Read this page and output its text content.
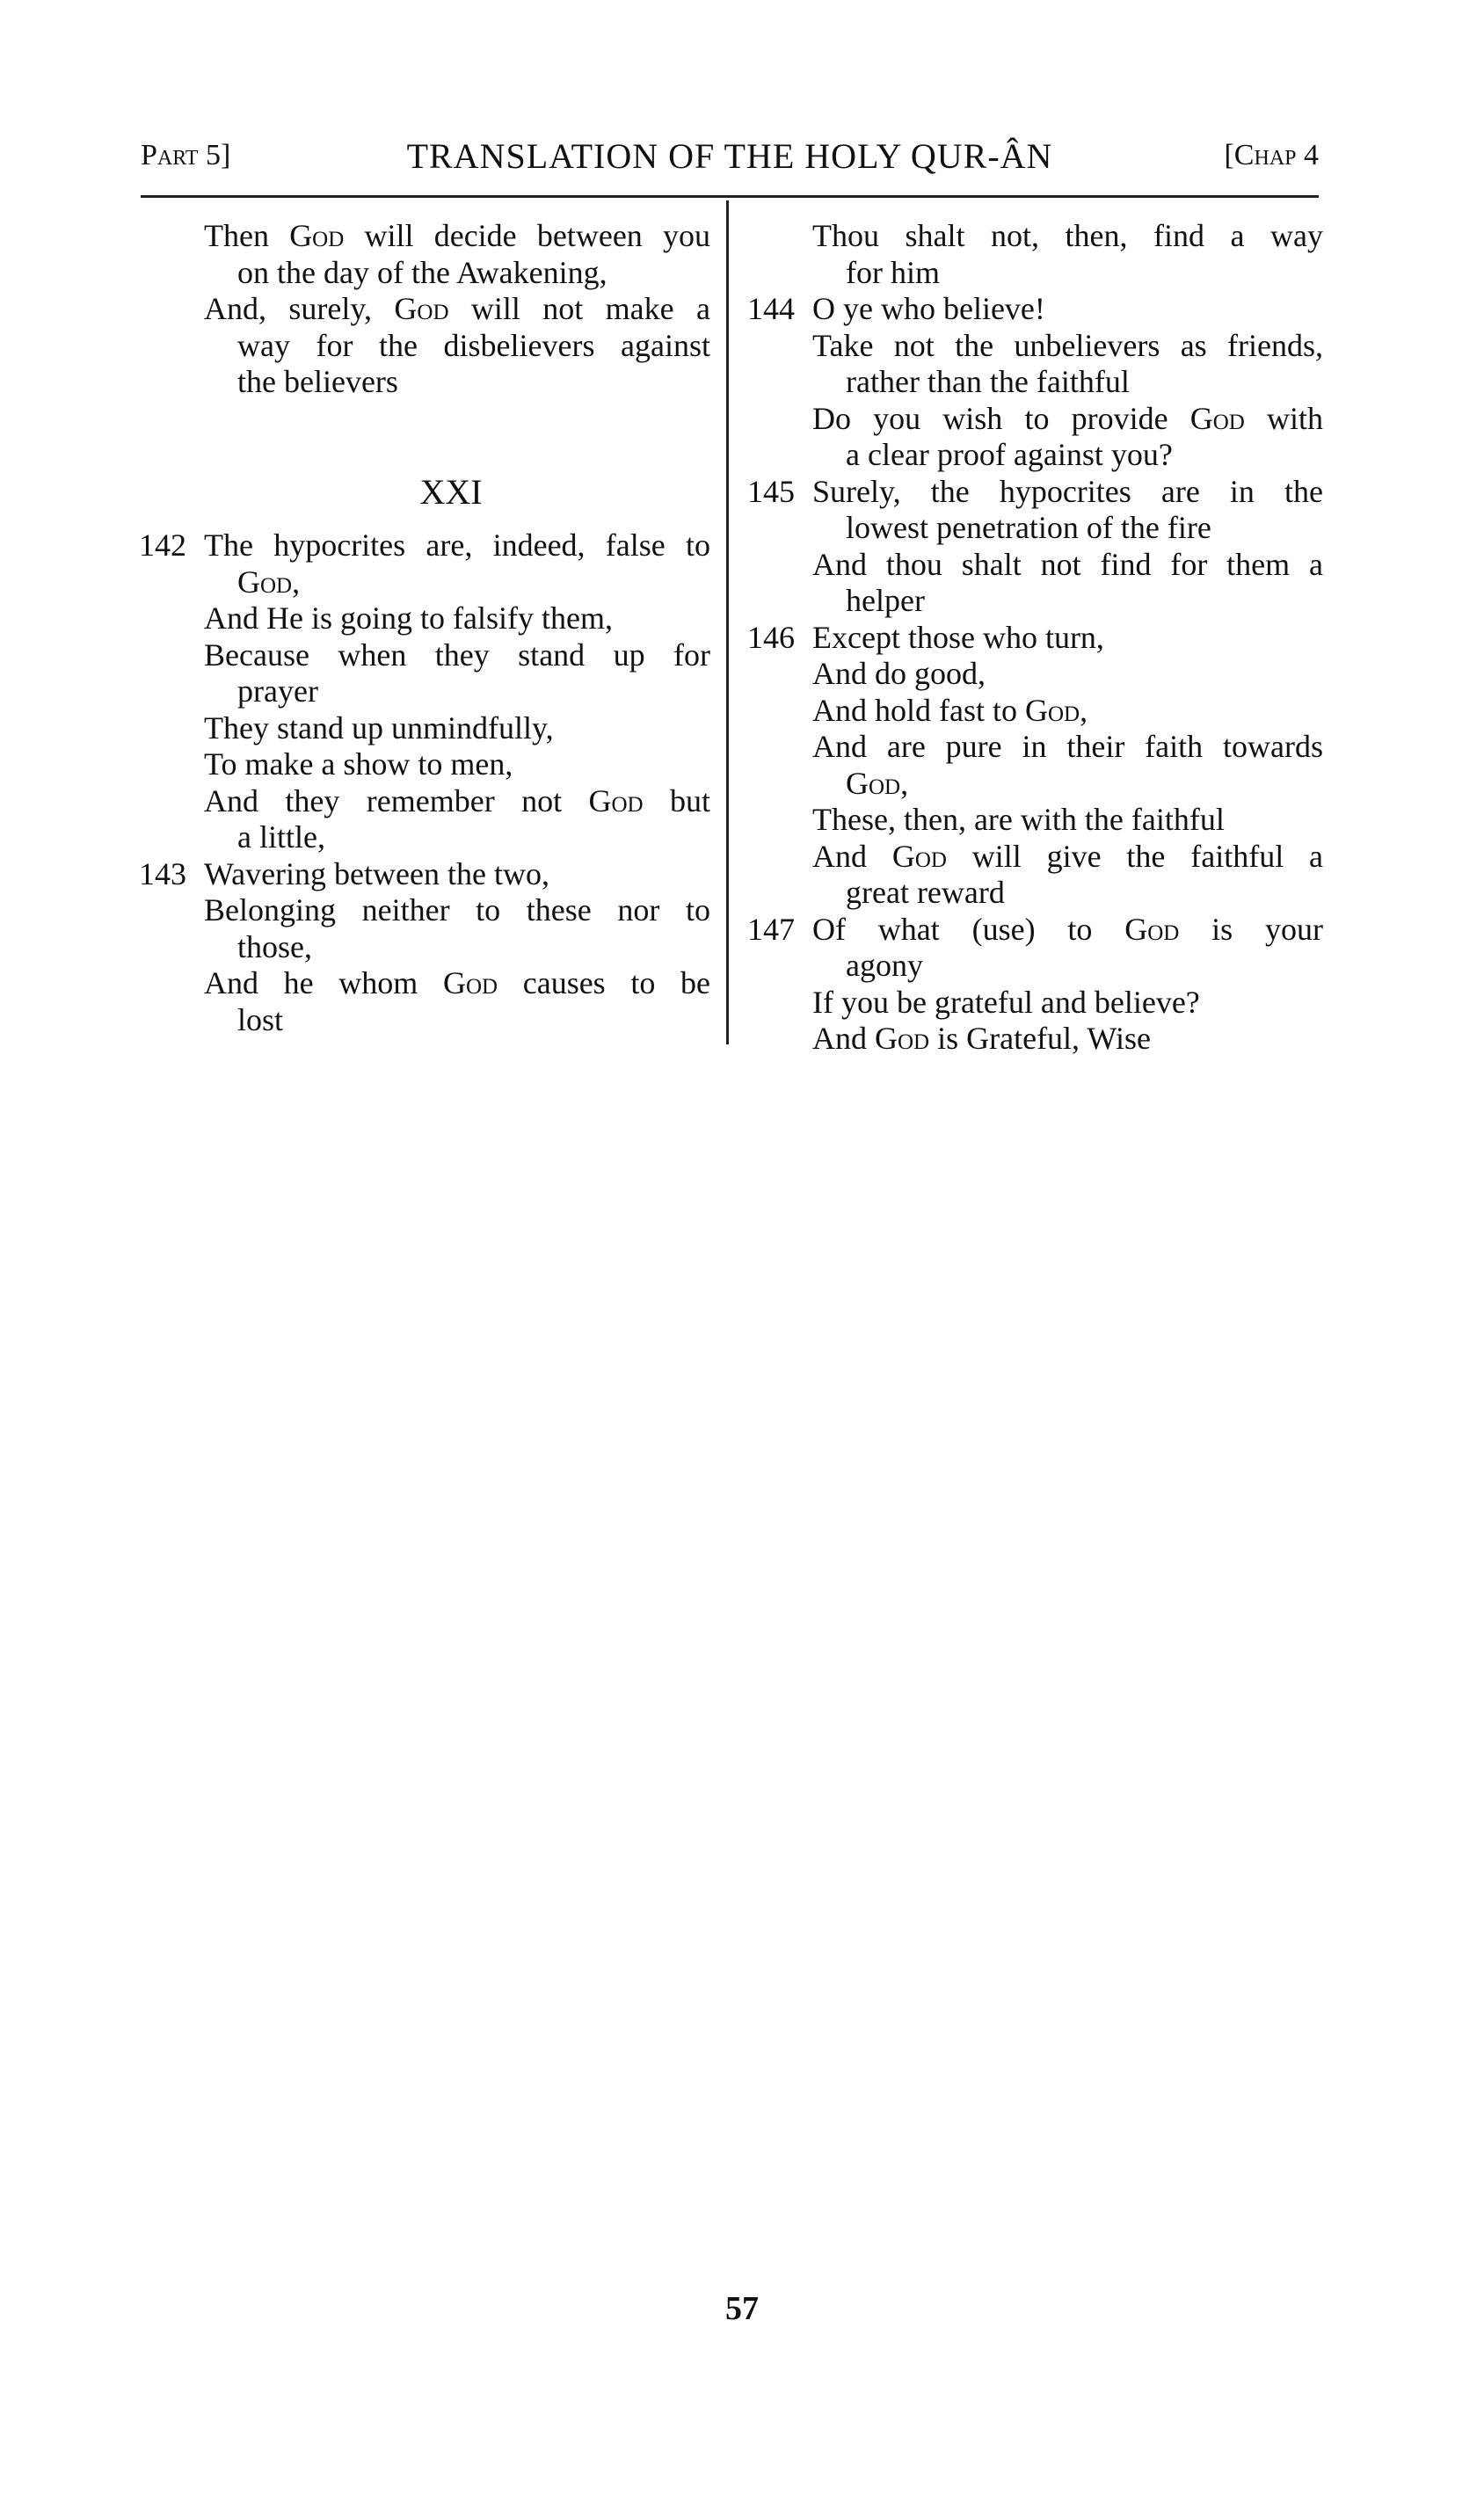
TRANSLATION OF THE HOLY QUR-ÂN
Part 5]	[Chap 4
Then God will decide between you
on the day of the Awakening,
And, surely, God will not make a
way for the disbelievers against
the believers
XXI
142 The hypocrites are, indeed, false to
God,
And He is going to falsify them,
Because when they stand up for
prayer
They stand up unmindfully,
To make a show to men,
And they remember not God but
a little,
143 Wavering between the two,
Belonging neither to these nor to
those,
And he whom God causes to be
lost
Thou shalt not, then, find a way
for him
144 O ye who believe!
Take not the unbelievers as friends,
rather than the faithful
Do you wish to provide God with
a clear proof against you?
145 Surely, the hypocrites are in the
lowest penetration of the fire
And thou shalt not find for them a
helper
146 Except those who turn,
And do good,
And hold fast to God,
And are pure in their faith towards
God,
These, then, are with the faithful
And God will give the faithful a
great reward
147 Of what (use) to God is your
agony
If you be grateful and believe?
And God is Grateful, Wise
57
